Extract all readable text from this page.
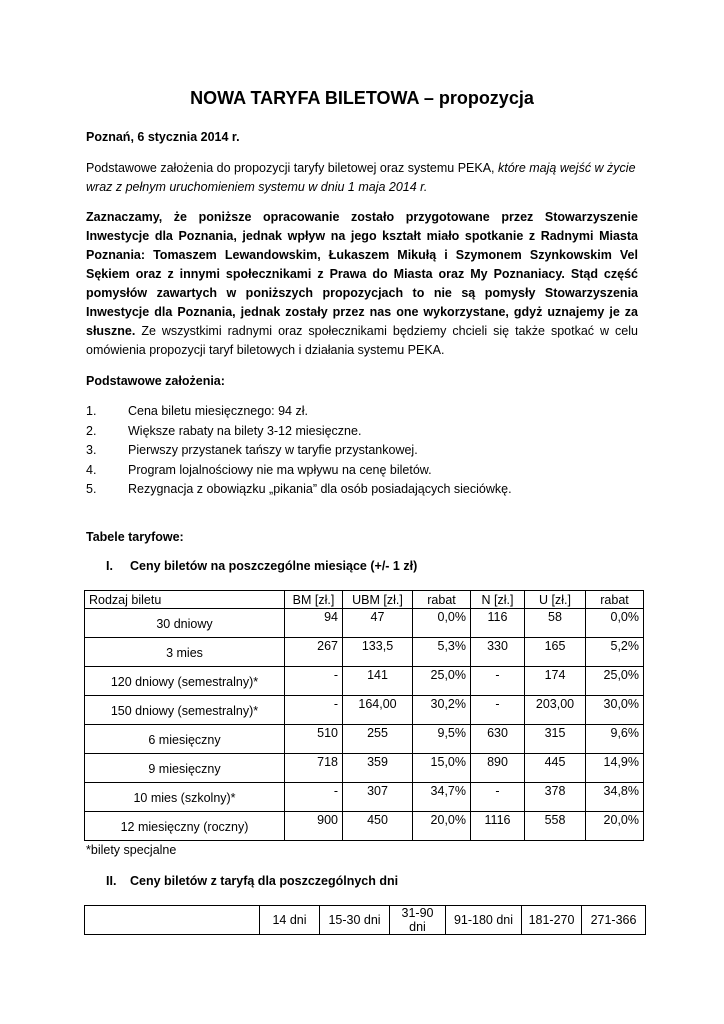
NOWA TARYFA BILETOWA – propozycja
Poznań, 6 stycznia 2014 r.
Podstawowe założenia do propozycji taryfy biletowej oraz systemu PEKA, które mają wejść w życie wraz z pełnym uruchomieniem systemu w dniu 1 maja 2014 r.
Zaznaczamy, że poniższe opracowanie zostało przygotowane przez Stowarzyszenie Inwestycje dla Poznania, jednak wpływ na jego kształt miało spotkanie z Radnymi Miasta Poznania: Tomaszem Lewandowskim, Łukaszem Mikułą i Szymonem Szynkowskim Vel Sękiem oraz z innymi społecznikami z Prawa do Miasta oraz My Poznaniacy. Stąd część pomysłów zawartych w poniższych propozycjach to nie są pomysły Stowarzyszenia Inwestycje dla Poznania, jednak zostały przez nas one wykorzystane, gdyż uznajemy je za słuszne. Ze wszystkimi radnymi oraz społecznikami będziemy chcieli się także spotkać w celu omówienia propozycji taryf biletowych i działania systemu PEKA.
Podstawowe założenia:
1.	Cena biletu miesięcznego: 94 zł.
2.	Większe rabaty na bilety 3-12 miesięczne.
3.	Pierwszy przystanek tańszy w taryfie przystankowej.
4.	Program lojalnościowy nie ma wpływu na cenę biletów.
5.	Rezygnacja z obowiązku „pikania” dla osób posiadających sieciówkę.
Tabele taryfowe:
I. Ceny biletów na poszczególne miesiące (+/- 1 zł)
Rodzaj biletu	BM [zł.]	UBM [zł.]	rabat	N [zł.]	U [zł.]	rabat
30 dniowy	94	47	0,0%	116	58	0,0%
3 mies	267	133,5	5,3%	330	165	5,2%
120 dniowy (semestralny)*	-	141	25,0%	-	174	25,0%
150 dniowy (semestralny)*	-	164,00	30,2%	-	203,00	30,0%
6 miesięczny	510	255	9,5%	630	315	9,6%
9 miesięczny	718	359	15,0%	890	445	14,9%
10 mies (szkolny)*	-	307	34,7%	-	378	34,8%
12 miesięczny (roczny)	900	450	20,0%	1116	558	20,0%
*bilety specjalne
II. Ceny biletów z taryfą dla poszczególnych dni
	14 dni	15-30 dni	31-90 dni	91-180 dni	181-270	271-366
